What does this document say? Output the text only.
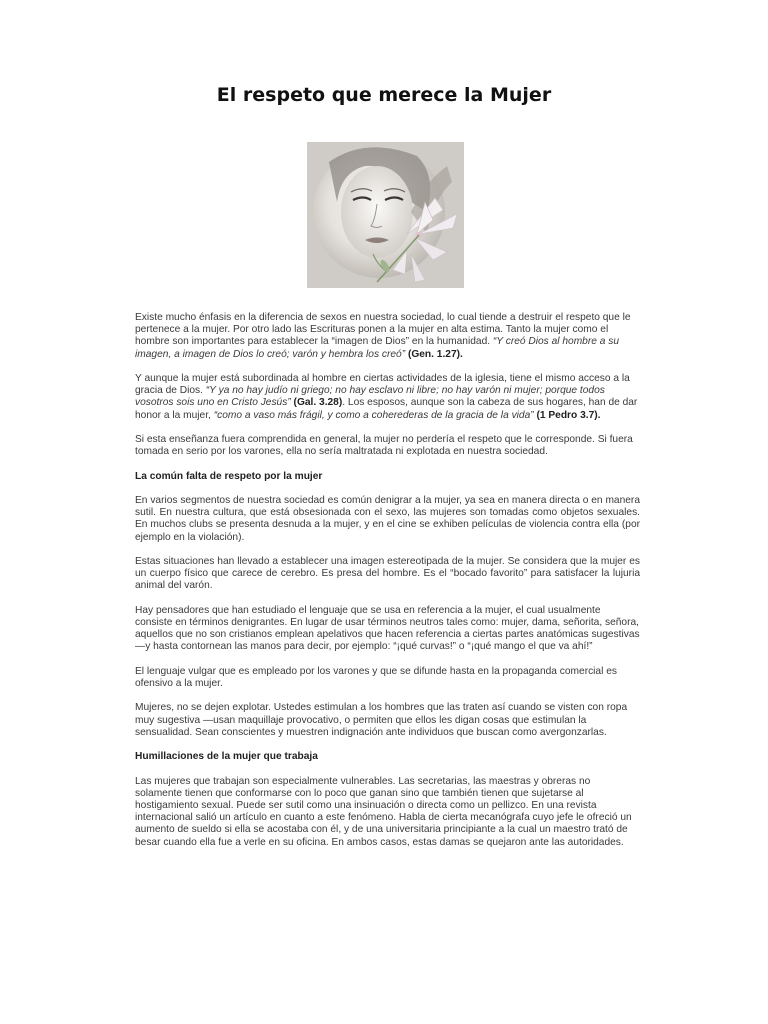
El respeto que merece la Mujer

Existe mucho énfasis en la diferencia de sexos en nuestra sociedad, lo cual tiende a destruir el respeto que le pertenece a la mujer. Por otro lado las Escrituras ponen a la mujer en alta estima. Tanto la mujer como el hombre son importantes para establecer la “imagen de Dios” en la humanidad. “Y creó Dios al hombre a su imagen, a imagen de Dios lo creó; varón y hembra los creó” (Gen. 1.27).

Y aunque la mujer está subordinada al hombre en ciertas actividades de la iglesia, tiene el mismo acceso a la gracia de Dios. “Y ya no hay judío ni griego; no hay esclavo ni libre; no hay varón ni mujer; porque todos vosotros sois uno en Cristo Jesús” (Gal. 3.28). Los esposos, aunque son la cabeza de sus hogares, han de dar honor a la mujer, “como a vaso más frágil, y como a coherederas de la gracia de la vida” (1 Pedro 3.7).

Si esta enseñanza fuera comprendida en general, la mujer no perdería el respeto que le corresponde. Si fuera tomada en serio por los varones, ella no sería maltratada ni explotada en nuestra sociedad.

La común falta de respeto por la mujer

En varios segmentos de nuestra sociedad es común denigrar a la mujer, ya sea en manera directa o en manera sutil. En nuestra cultura, que está obsesionada con el sexo, las mujeres son tomadas como objetos sexuales. En muchos clubs se presenta desnuda a la mujer, y en el cine se exhiben películas de violencia contra ella (por ejemplo en la violación).

Estas situaciones han llevado a establecer una imagen estereotipada de la mujer. Se considera que la mujer es un cuerpo físico que carece de cerebro. Es presa del hombre. Es el “bocado favorito” para satisfacer la lujuria animal del varón.

Hay pensadores que han estudiado el lenguaje que se usa en referencia a la mujer, el cual usualmente consiste en términos denigrantes. En lugar de usar términos neutros tales como: mujer, dama, señorita, señora, aquellos que no son cristianos emplean apelativos que hacen referencia a ciertas partes anatómicas sugestivas —y hasta contornean las manos para decir, por ejemplo: “¡qué curvas!” o “¡qué mango el que va ahí!”

El lenguaje vulgar que es empleado por los varones y que se difunde hasta en la propaganda comercial es ofensivo a la mujer.

Mujeres, no se dejen explotar. Ustedes estimulan a los hombres que las traten así cuando se visten con ropa muy sugestiva —usan maquillaje provocativo, o permiten que ellos les digan cosas que estimulan la sensualidad. Sean conscientes y muestren indignación ante individuos que buscan como avergonzarlas.

Humillaciones de la mujer que trabaja

Las mujeres que trabajan son especialmente vulnerables. Las secretarias, las maestras y obreras no solamente tienen que conformarse con lo poco que ganan sino que también tienen que sujetarse al hostigamiento sexual. Puede ser sutil como una insinuación o directa como un pellizco. En una revista internacional salió un artículo en cuanto a este fenómeno. Habla de cierta mecanógrafa cuyo jefe le ofreció un aumento de sueldo si ella se acostaba con él, y de una universitaria principiante a la cual un maestro trató de besar cuando ella fue a verle en su oficina. En ambos casos, estas damas se quejaron ante las autoridades.
